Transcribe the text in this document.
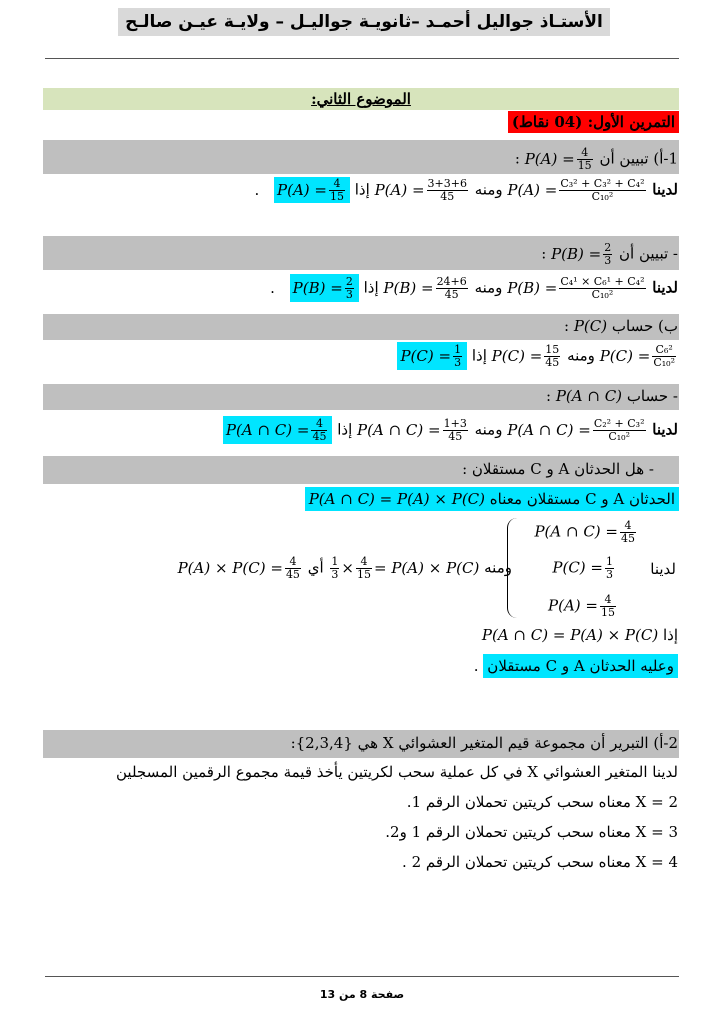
الأستـاذ جواليل أحمـد –ثانويـة جواليـل – ولايـة عيـن صالـح
الموضوع الثاني:
التمرين الأول: (04 نقاط)
1-أ) تبيين أن $P(A) = \frac{4}{15}$
:
لدينا $P(A) = \frac{\text{C₃² + C₃² + C₄²}}{\text{C₁₀²}}$
ومنه $P(A) = \frac{3+3+6}{45}$
إذا $P(A) = \frac{4}{15}$
.
- تبيين أن $P(B) = \frac{2}{3}$
:
لدينا $P(B) = \frac{\text{C₄¹ × C₆¹ + C₄²}}{\text{C₁₀²}}$
ومنه $P(B) = \frac{24+6}{45}$
إذا $P(B) = \frac{2}{3}$
.
ب) حساب P(C) :
$P(C) = \frac{\text{C₆²}}{\text{C₁₀²}}$
ومنه $P(C) = \frac{15}{45}$
إذا $P(C) = \frac{1}{3}$
- حساب P(A ∩ C) :
لدينا P(A ∩ $C) = \frac{\text{C₂² + C₃²}}{\text{C₁₀²}}$
ومنه P(A ∩ $C) = \frac{1+3}{45}$
إذا P(A ∩ $C) = \frac{4}{45}$
- هل الحدثان A و C مستقلان :
الحدثان A و C مستقلان معناه P(A ∩ C) = P(A) × P(C)
لدينا
P(A ∩ $C) = \frac{4}{45}$
$P(C) = \frac{1}{3}$
$P(A) = \frac{4}{15}$
ومنه
$\frac{1}{3} \times \frac{4}{15} = P(A) \times P(C)$ أي $P(A) \times P(C) = \frac{4}{45}$
إذا P(A ∩ C) = P(A) × P(C)
وعليه الحدثان A و C مستقلان .
2-أ) التبرير أن مجموعة قيم المتغير العشوائي X هي {2,3,4}:
لدينا المتغير العشوائي X في كل عملية سحب لكريتين يأخذ قيمة مجموع الرقمين المسجلين
X = 2 معناه سحب كريتين تحملان الرقم 1.
X = 3 معناه سحب كريتين تحملان الرقم 1 و2.
X = 4 معناه سحب كريتين تحملان الرقم 2 .
صفحة 8 من 13
